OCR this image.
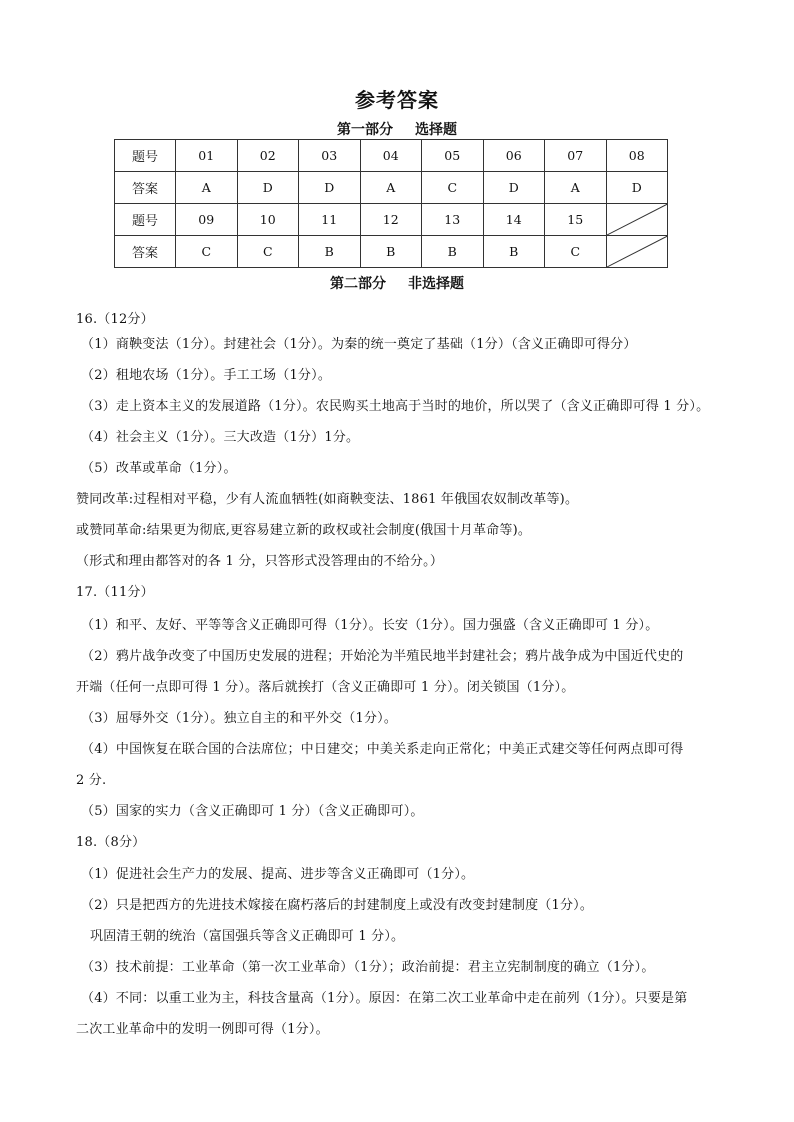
参考答案
第一部分 选择题
题号	01	02	03	04	05	06	07	08
答案	A	D	D	A	C	D	A	D
题号	09	10	11	12	13	14	15	

答案	C	C	B	B	B	B	C	
第二部分 非选择题
16.（12分）
（1）商鞅变法（1分）。封建社会（1分）。为秦的统一奠定了基础（1分）（含义正确即可得分）
（2）租地农场（1分）。手工工场（1分）。
（3）走上资本主义的发展道路（1分）。农民购买土地高于当时的地价，所以哭了（含义正确即可得 1 分）。
（4）社会主义（1分）。三大改造（1分）1分。
（5）改革或革命（1分）。
赞同改革:过程相对平稳，少有人流血牺牲(如商鞅变法、1861 年俄国农奴制改革等)。
或赞同革命:结果更为彻底,更容易建立新的政权或社会制度(俄国十月革命等)。
（形式和理由都答对的各 1 分，只答形式没答理由的不给分。）
17.（11分）
（1）和平、友好、平等等含义正确即可得（1分）。长安（1分）。国力强盛（含义正确即可 1 分）。
（2）鸦片战争改变了中国历史发展的进程；开始沦为半殖民地半封建社会；鸦片战争成为中国近代史的
开端（任何一点即可得 1 分）。落后就挨打（含义正确即可 1 分）。闭关锁国（1分）。
（3）屈辱外交（1分）。独立自主的和平外交（1分）。
（4）中国恢复在联合国的合法席位；中日建交；中美关系走向正常化；中美正式建交等任何两点即可得
2 分.
（5）国家的实力（含义正确即可 1 分）（含义正确即可）。
18.（8分）
（1）促进社会生产力的发展、提高、进步等含义正确即可（1分）。
（2）只是把西方的先进技术嫁接在腐朽落后的封建制度上或没有改变封建制度（1分）。
巩固清王朝的统治（富国强兵等含义正确即可 1 分）。
（3）技术前提：工业革命（第一次工业革命）（1分）；政治前提：君主立宪制制度的确立（1分）。
（4）不同：以重工业为主，科技含量高（1分）。原因：在第二次工业革命中走在前列（1分）。只要是第
二次工业革命中的发明一例即可得（1分）。
